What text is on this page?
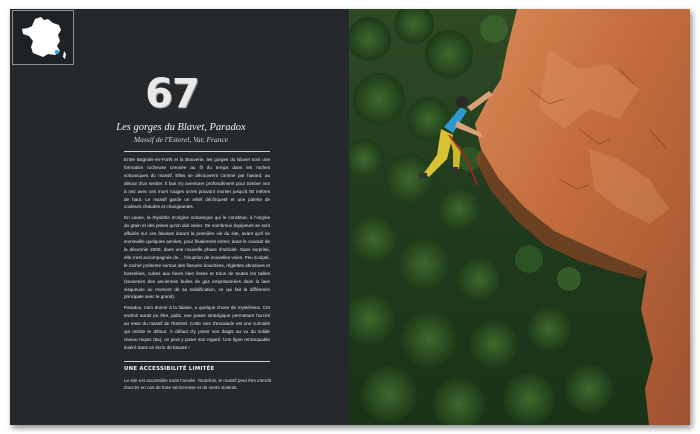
67
Les gorges du Blavet, Paradox
Massif de l'Esterel, Var, France

Entre Bagnols-en-Forêt et la Bouverie, les gorges du Blavet sont une formation rocheuse creusée au fil du temps dans les roches volcaniques du massif. Elles se découvrent comme par hasard, au détour d'un sentier. Il faut s'y aventurer profondément pour tomber nez à nez avec ces murs rouges ocres pouvant monter jusqu'à 80 mètres de haut. Le massif garde un relief déchiqueté et une palette de couleurs chaudes et changeantes.

En cause, la rhyolithe d'origine volcanique qui le constitue, à l'origine du grain et des prises qu'on doit varier. De nombreux équipeurs se sont affairés sur ces falaises durant la première vie du site, avant qu'il ne sommeille quelques années, pour finalement entrer, dans le courant de la décennie 2000, dans une nouvelle phase d'activité. Sans surprise, elle s'est accompagnée de… l'éruption de nouvelles voies. Peu sculpté, le rocher présente surtout des fissures bouchées, réglettes abrasives et bosselées, cubes aux faces bien lisses et trous de toutes les tailles (souvenirs des anciennes bulles de gaz emprisonnées dans la lave visqueuse au moment de sa solidification, ce qui fait la différence principale avec le granit).

Paradox, nom donné à la falaise, a quelque chose de mystérieux. Cet endroit aurait pu être, jadis, une passe stratégique permettant l'accès au reste du massif de l'Estérel. Cette voie d'escalade est une curiosité qui mérite le détour. À défaut d'y poser ses doigts au vu du solide niveau requis (8a), on peut y poser son regard. Une ligne remarquable inséré dans un écrin de beauté !

UNE ACCESSIBILITÉ LIMITÉE
Le site est accessible toute l'année. Toutefois, le massif peut être interdit d'accès en cas de forte sécheresse et de vents violents.
